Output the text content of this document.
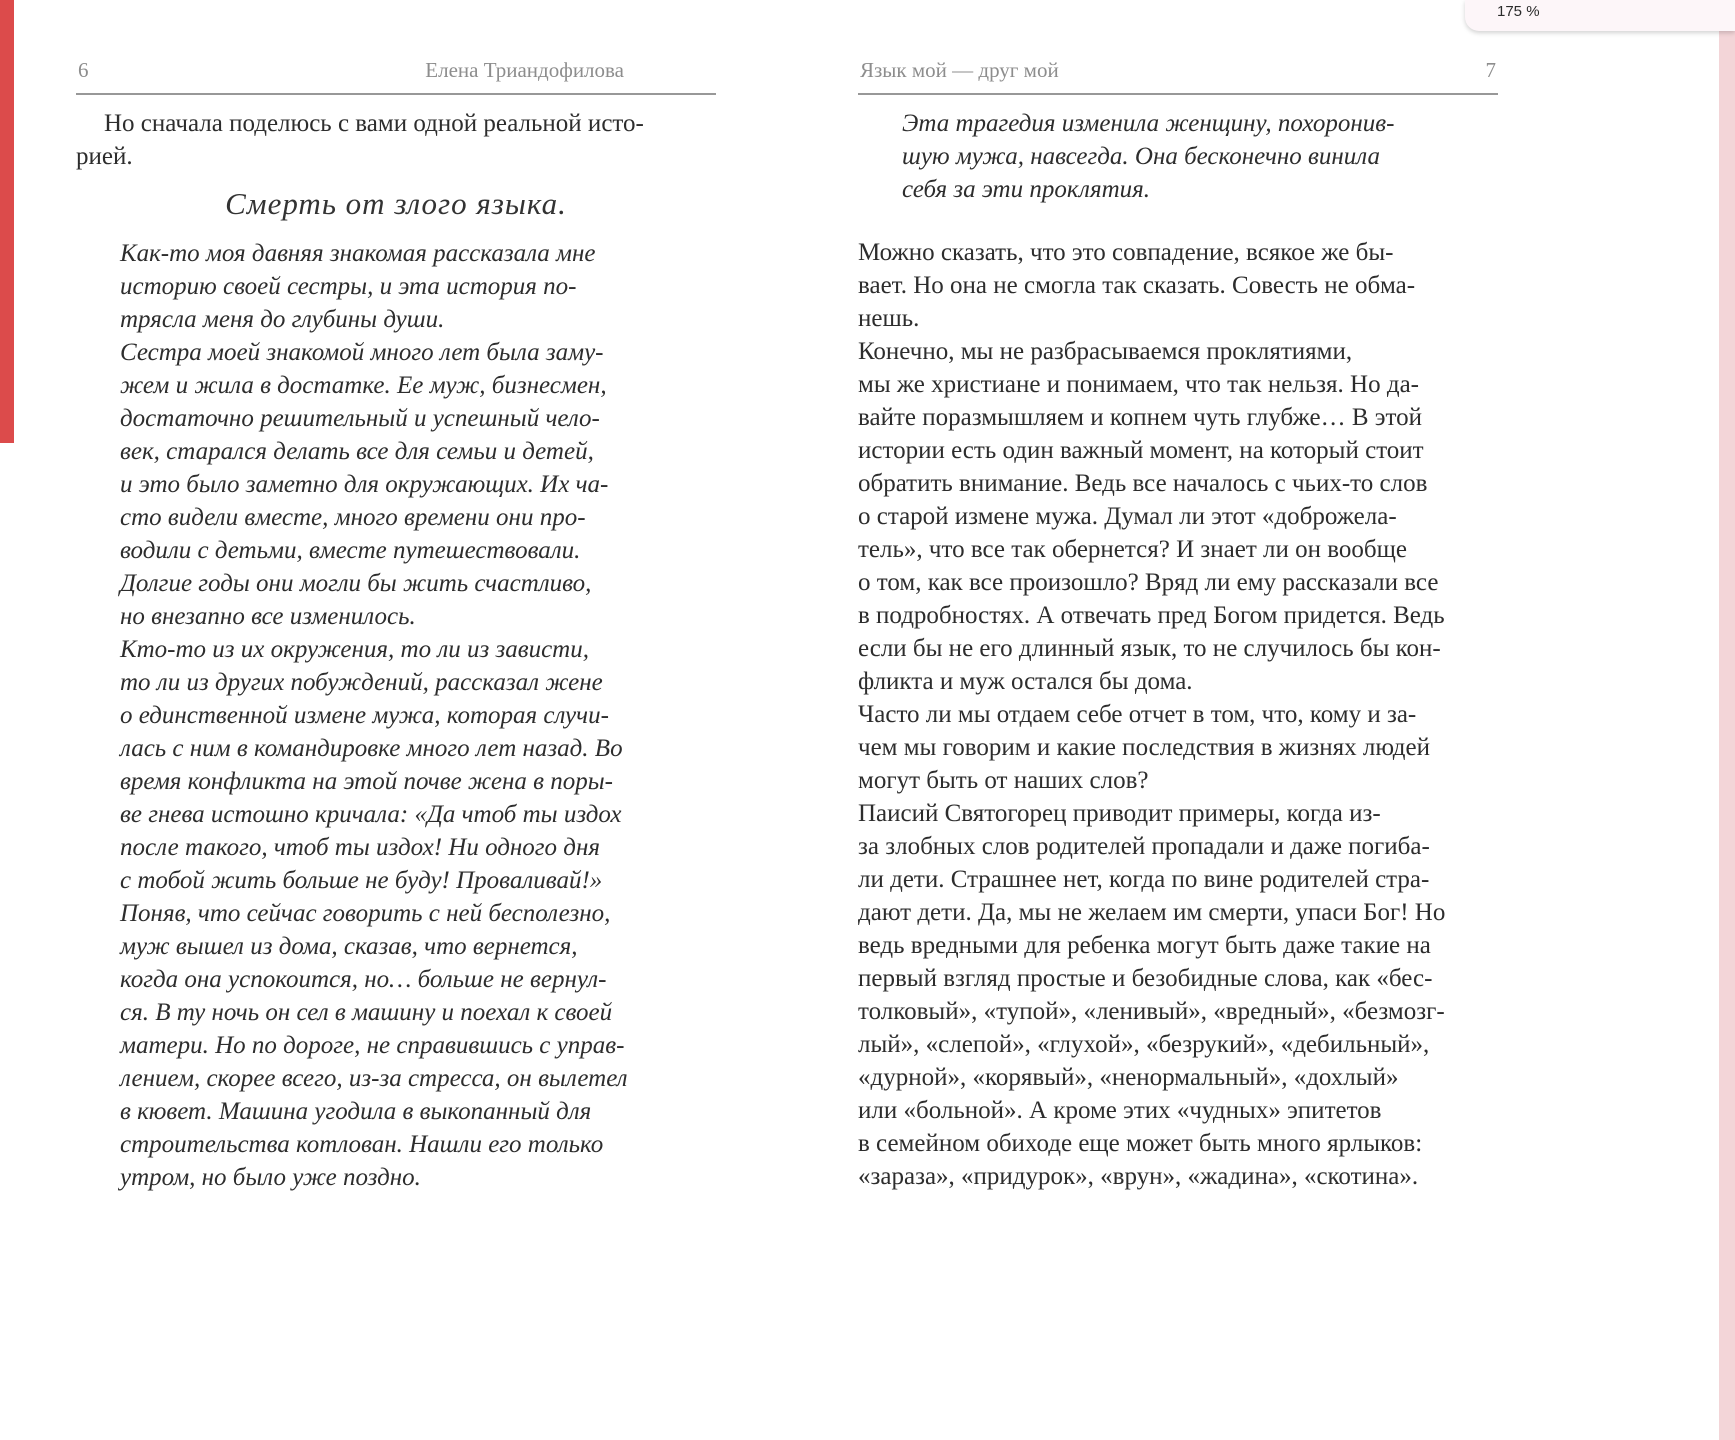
175 %
6	Елена Триандофилова
Но сначала поделюсь с вами одной реальной исто-
рией.
Смерть от злого языка.
Как-то моя давняя знакомая рассказала мне
историю своей сестры, и эта история по-
трясла меня до глубины души.
Сестра моей знакомой много лет была заму-
жем и жила в достатке. Ее муж, бизнесмен,
достаточно решительный и успешный чело-
век, старался делать все для семьи и детей,
и это было заметно для окружающих. Их ча-
сто видели вместе, много времени они про-
водили с детьми, вместе путешествовали.
Долгие годы они могли бы жить счастливо,
но внезапно все изменилось.
Кто-то из их окружения, то ли из зависти,
то ли из других побуждений, рассказал жене
о единственной измене мужа, которая случи-
лась с ним в командировке много лет назад. Во
время конфликта на этой почве жена в поры-
ве гнева истошно кричала: «Да чтоб ты издох
после такого, чтоб ты издох! Ни одного дня
с тобой жить больше не буду! Проваливай!»
Поняв, что сейчас говорить с ней бесполезно,
муж вышел из дома, сказав, что вернется,
когда она успокоится, но… больше не вернул-
ся. В ту ночь он сел в машину и поехал к своей
матери. Но по дороге, не справившись с управ-
лением, скорее всего, из-за стресса, он вылетел
в кювет. Машина угодила в выкопанный для
строительства котлован. Нашли его только
утром, но было уже поздно.
Язык мой — друг мой	7
Эта трагедия изменила женщину, похоронив-
шую мужа, навсегда. Она бесконечно винила
себя за эти проклятия.
Можно сказать, что это совпадение, всякое же бы-
вает. Но она не смогла так сказать. Совесть не обма-
нешь.
Конечно, мы не разбрасываемся проклятиями,
мы же христиане и понимаем, что так нельзя. Но да-
вайте поразмышляем и копнем чуть глубже… В этой
истории есть один важный момент, на который стоит
обратить внимание. Ведь все началось с чьих-то слов
о старой измене мужа. Думал ли этот «доброжела-
тель», что все так обернется? И знает ли он вообще
о том, как все произошло? Вряд ли ему рассказали все
в подробностях. А отвечать пред Богом придется. Ведь
если бы не его длинный язык, то не случилось бы кон-
фликта и муж остался бы дома.
Часто ли мы отдаем себе отчет в том, что, кому и за-
чем мы говорим и какие последствия в жизнях людей
могут быть от наших слов?
Паисий Святогорец приводит примеры, когда из-
за злобных слов родителей пропадали и даже погиба-
ли дети. Страшнее нет, когда по вине родителей стра-
дают дети. Да, мы не желаем им смерти, упаси Бог! Но
ведь вредными для ребенка могут быть даже такие на
первый взгляд простые и безобидные слова, как «бес-
толковый», «тупой», «ленивый», «вредный», «безмозг-
лый», «слепой», «глухой», «безрукий», «дебильный»,
«дурной», «корявый», «ненормальный», «дохлый»
или «больной». А кроме этих «чудных» эпитетов
в семейном обиходе еще может быть много ярлыков:
«зараза», «придурок», «врун», «жадина», «скотина».
